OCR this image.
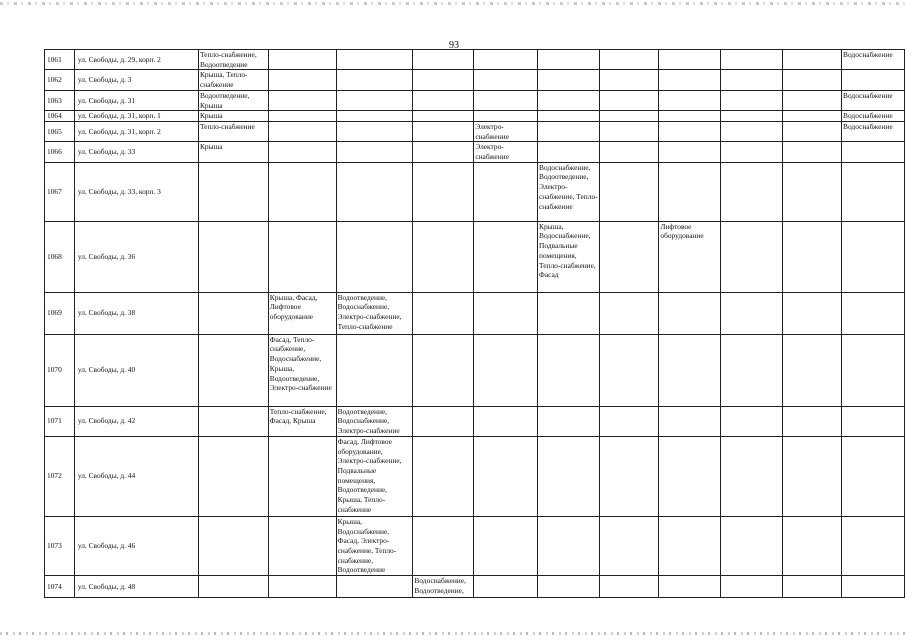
93
1061	ул. Свободы, д. 29, корп. 2	Тепло-снабжение, Водоотведение										Водоснабжение
1062	ул. Свободы, д. 3	Крыша, Тепло-снабжение										
1063	ул. Свободы, д. 31	Водоотведение, Крыша										Водоснабжение
1064	ул. Свободы, д. 31, корп. 1	Крыша										Водоснабжение
1065	ул. Свободы, д. 31, корп. 2	Тепло-снабжение				Электро-снабжение						Водоснабжение
1066	ул. Свободы, д. 33	Крыша				Электро-снабжение						
1067	ул. Свободы, д. 33, корп. 3						Водоснабжение, Водоотведение, Электро-снабжение, Тепло-снабжение					
1068	ул. Свободы, д. 36						Крыша, Водоснабжение, Подвальные помещения, Тепло-снабжение, Фасад		Лифтовое оборудование			
1069	ул. Свободы, д. 38		Крыша, Фасад, Лифтовое оборудование	Водоотведение, Водоснабжение, Электро-снабжение, Тепло-снабжение								
1070	ул. Свободы, д. 40		Фасад, Тепло-снабжение, Водоснабжение, Крыша, Водоотведение, Электро-снабжение									
1071	ул. Свободы, д. 42		Тепло-снабжение, Фасад, Крыша	Водоотведение, Водоснабжение, Электро-снабжение								
1072	ул. Свободы, д. 44			Фасад, Лифтовое оборудование, Электро-снабжение, Подвальные помещения, Водоотведение, Крыша, Тепло-снабжение								
1073	ул. Свободы, д. 46			Крыша, Водоснабжение, Фасад, Электро-снабжение, Тепло-снабжение, Водоотведение								
1074	ул. Свободы, д. 48				Водоснабжение, Водоотведение,							
